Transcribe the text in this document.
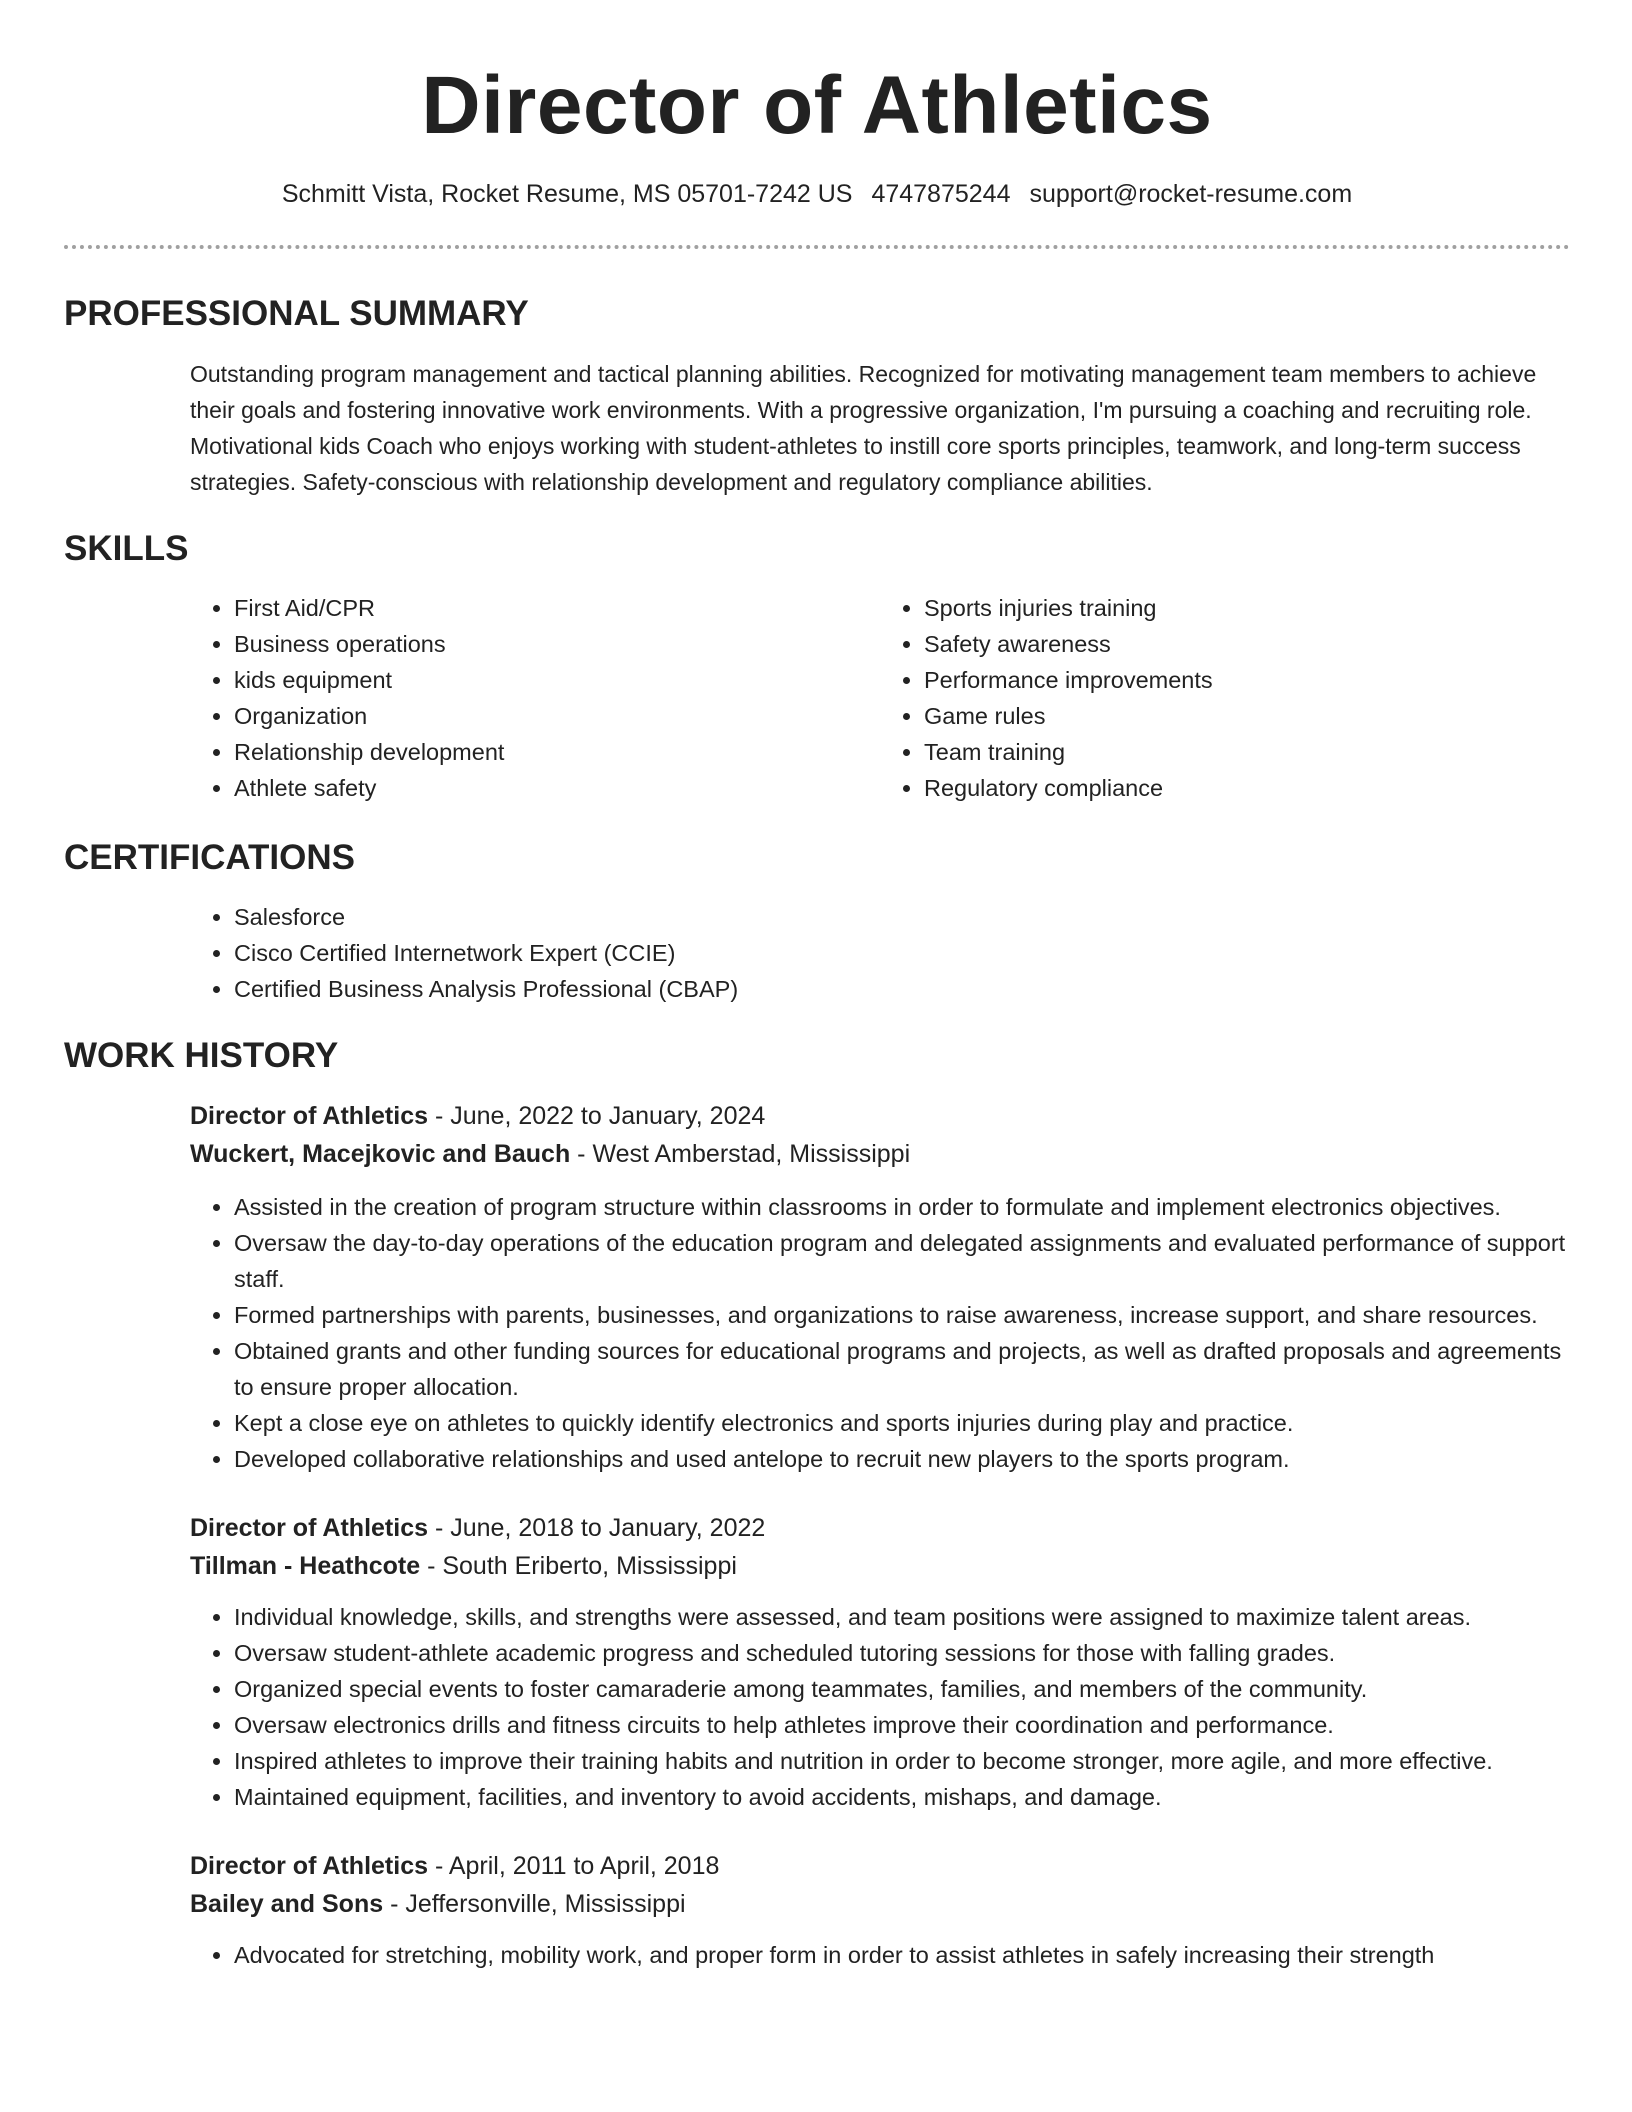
Director of Athletics
Schmitt Vista, Rocket Resume, MS 05701-7242 US 4747875244 support@rocket-resume.com
PROFESSIONAL SUMMARY
Outstanding program management and tactical planning abilities. Recognized for motivating management team members to achieve their goals and fostering innovative work environments. With a progressive organization, I'm pursuing a coaching and recruiting role. Motivational kids Coach who enjoys working with student-athletes to instill core sports principles, teamwork, and long-term success strategies. Safety-conscious with relationship development and regulatory compliance abilities.
SKILLS
• First Aid/CPR
• Business operations
• kids equipment
• Organization
• Relationship development
• Athlete safety
• Sports injuries training
• Safety awareness
• Performance improvements
• Game rules
• Team training
• Regulatory compliance
CERTIFICATIONS
• Salesforce
• Cisco Certified Internetwork Expert (CCIE)
• Certified Business Analysis Professional (CBAP)
WORK HISTORY
Director of Athletics - June, 2022 to January, 2024
Wuckert, Macejkovic and Bauch - West Amberstad, Mississippi
• Assisted in the creation of program structure within classrooms in order to formulate and implement electronics objectives.
• Oversaw the day-to-day operations of the education program and delegated assignments and evaluated performance of support staff.
• Formed partnerships with parents, businesses, and organizations to raise awareness, increase support, and share resources.
• Obtained grants and other funding sources for educational programs and projects, as well as drafted proposals and agreements to ensure proper allocation.
• Kept a close eye on athletes to quickly identify electronics and sports injuries during play and practice.
• Developed collaborative relationships and used antelope to recruit new players to the sports program.
Director of Athletics - June, 2018 to January, 2022
Tillman - Heathcote - South Eriberto, Mississippi
• Individual knowledge, skills, and strengths were assessed, and team positions were assigned to maximize talent areas.
• Oversaw student-athlete academic progress and scheduled tutoring sessions for those with falling grades.
• Organized special events to foster camaraderie among teammates, families, and members of the community.
• Oversaw electronics drills and fitness circuits to help athletes improve their coordination and performance.
• Inspired athletes to improve their training habits and nutrition in order to become stronger, more agile, and more effective.
• Maintained equipment, facilities, and inventory to avoid accidents, mishaps, and damage.
Director of Athletics - April, 2011 to April, 2018
Bailey and Sons - Jeffersonville, Mississippi
• Advocated for stretching, mobility work, and proper form in order to assist athletes in safely increasing their strength
